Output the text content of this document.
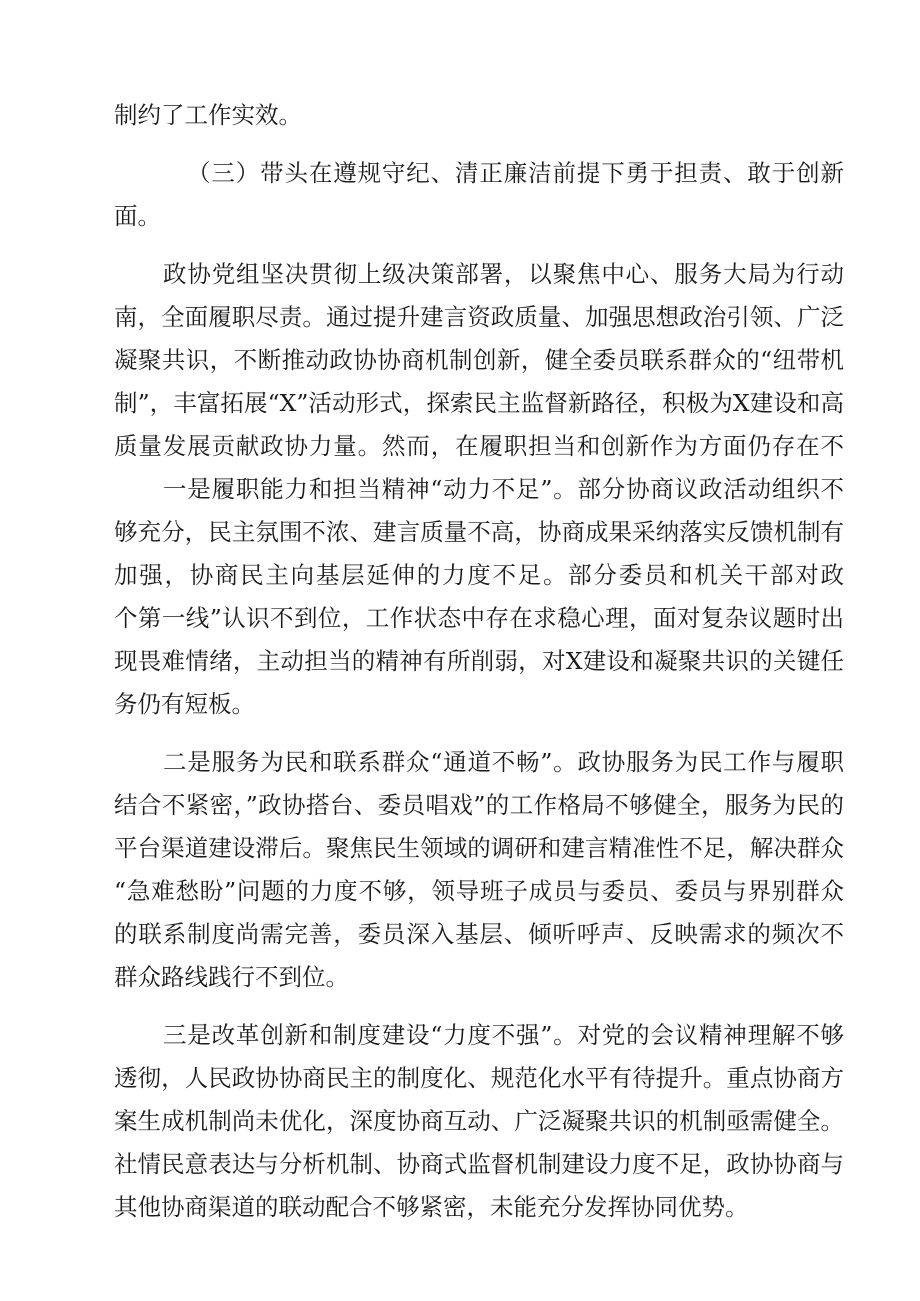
制约了工作实效。
（三）带头在遵规守纪、清正廉洁前提下勇于担责、敢于创新
面。
政协党组坚决贯彻上级决策部署，以聚焦中心、服务大局为行动
南，全面履职尽责。通过提升建言资政质量、加强思想政治引领、广泛
凝聚共识，不断推动政协协商机制创新，健全委员联系群众的“纽带机
制”，丰富拓展“X”活动形式，探索民主监督新路径，积极为X建设和高
质量发展贡献政协力量。然而，在履职担当和创新作为方面仍存在不
一是履职能力和担当精神“动力不足”。部分协商议政活动组织不
够充分，民主氛围不浓、建言质量不高，协商成果采纳落实反馈机制有
加强，协商民主向基层延伸的力度不足。部分委员和机关干部对政
个第一线”认识不到位，工作状态中存在求稳心理，面对复杂议题时出
现畏难情绪，主动担当的精神有所削弱，对X建设和凝聚共识的关键任
务仍有短板。
二是服务为民和联系群众“通道不畅”。政协服务为民工作与履职
结合不紧密，”政协搭台、委员唱戏”的工作格局不够健全，服务为民的
平台渠道建设滞后。聚焦民生领域的调研和建言精准性不足，解决群众
“急难愁盼”问题的力度不够，领导班子成员与委员、委员与界别群众
的联系制度尚需完善，委员深入基层、倾听呼声、反映需求的频次不
群众路线践行不到位。
三是改革创新和制度建设“力度不强”。对党的会议精神理解不够
透彻，人民政协协商民主的制度化、规范化水平有待提升。重点协商方
案生成机制尚未优化，深度协商互动、广泛凝聚共识的机制亟需健全。
社情民意表达与分析机制、协商式监督机制建设力度不足，政协协商与
其他协商渠道的联动配合不够紧密，未能充分发挥协同优势。
